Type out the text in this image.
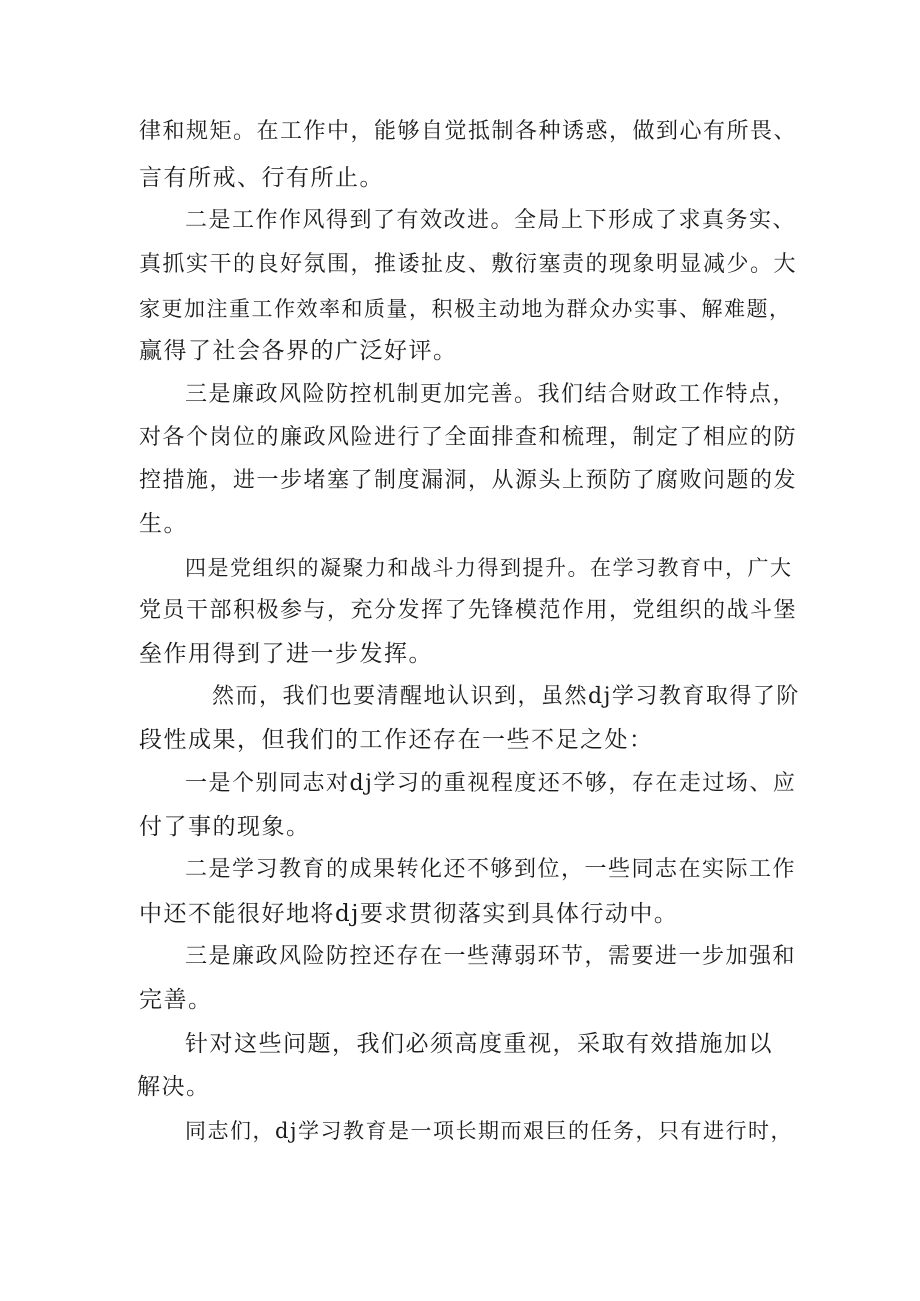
律和规矩。在工作中，能够自觉抵制各种诱惑，做到心有所畏、
言有所戒、行有所止。
二是工作作风得到了有效改进。全局上下形成了求真务实、
真抓实干的良好氛围，推诿扯皮、敷衍塞责的现象明显减少。大
家更加注重工作效率和质量，积极主动地为群众办实事、解难题，
赢得了社会各界的广泛好评。
三是廉政风险防控机制更加完善。我们结合财政工作特点，
对各个岗位的廉政风险进行了全面排查和梳理，制定了相应的防
控措施，进一步堵塞了制度漏洞，从源头上预防了腐败问题的发
生。
四是党组织的凝聚力和战斗力得到提升。在学习教育中，广大
党员干部积极参与，充分发挥了先锋模范作用，党组织的战斗堡
垒作用得到了进一步发挥。
然而，我们也要清醒地认识到，虽然dj学习教育取得了阶
段性成果，但我们的工作还存在一些不足之处：
一是个别同志对dj学习的重视程度还不够，存在走过场、应
付了事的现象。
二是学习教育的成果转化还不够到位，一些同志在实际工作
中还不能很好地将dj要求贯彻落实到具体行动中。
三是廉政风险防控还存在一些薄弱环节，需要进一步加强和
完善。
针对这些问题，我们必须高度重视，采取有效措施加以
解决。
同志们，dj学习教育是一项长期而艰巨的任务，只有进行时，
